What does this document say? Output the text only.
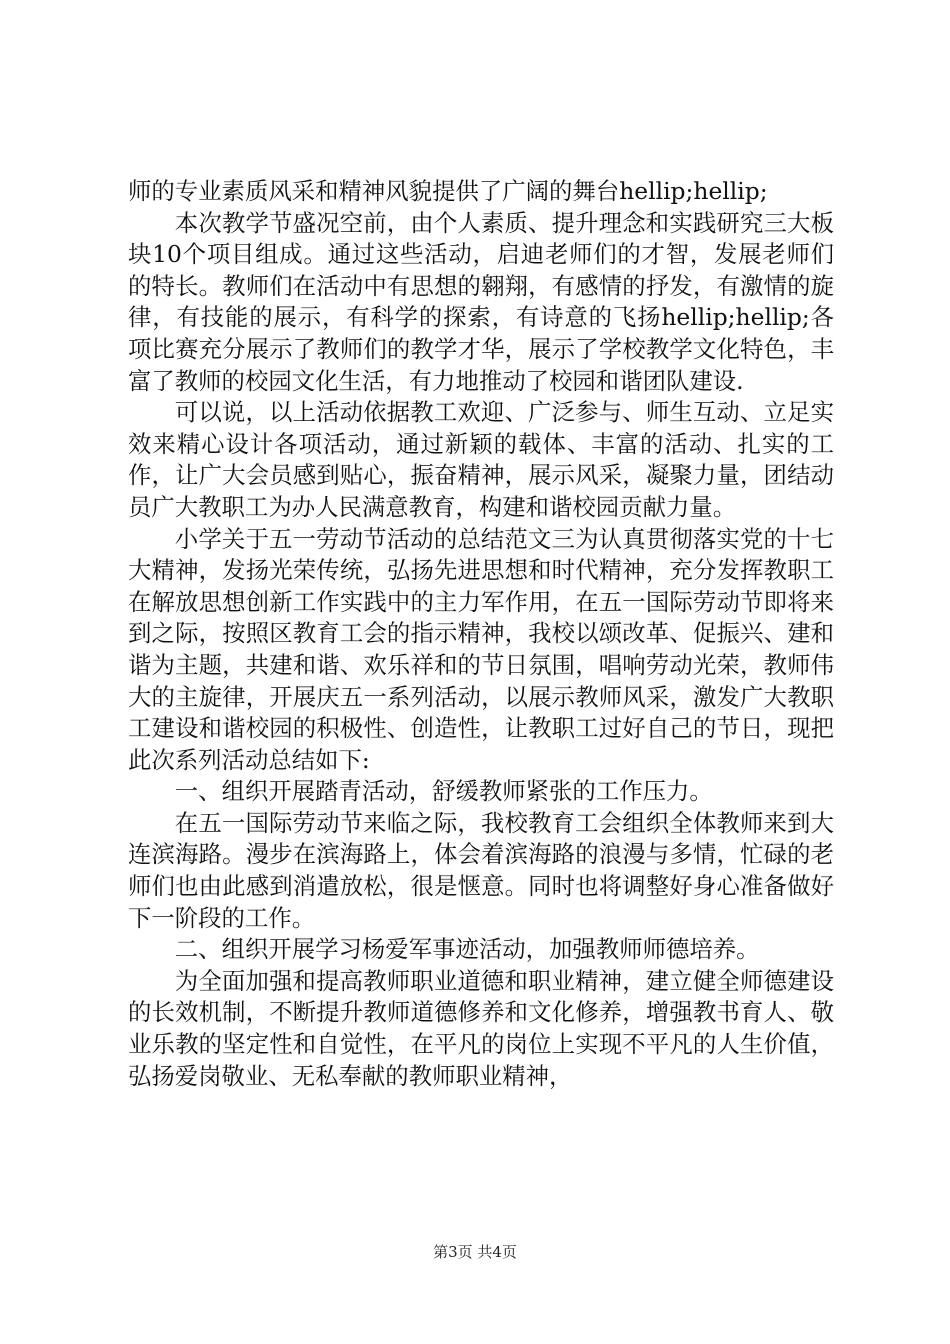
师的专业素质风采和精神风貌提供了广阔的舞台hellip;hellip;

本次教学节盛况空前，由个人素质、提升理念和实践研究三大板块10个项目组成。通过这些活动，启迪老师们的才智，发展老师们的特长。教师们在活动中有思想的翱翔，有感情的抒发，有激情的旋律，有技能的展示，有科学的探索，有诗意的飞扬hellip;hellip;各项比赛充分展示了教师们的教学才华，展示了学校教学文化特色，丰富了教师的校园文化生活，有力地推动了校园和谐团队建设.

可以说，以上活动依据教工欢迎、广泛参与、师生互动、立足实效来精心设计各项活动，通过新颖的载体、丰富的活动、扎实的工作，让广大会员感到贴心，振奋精神，展示风采，凝聚力量，团结动员广大教职工为办人民满意教育，构建和谐校园贡献力量。

小学关于五一劳动节活动的总结范文三为认真贯彻落实党的十七大精神，发扬光荣传统，弘扬先进思想和时代精神，充分发挥教职工在解放思想创新工作实践中的主力军作用，在五一国际劳动节即将来到之际，按照区教育工会的指示精神，我校以颂改革、促振兴、建和谐为主题，共建和谐、欢乐祥和的节日氛围，唱响劳动光荣，教师伟大的主旋律，开展庆五一系列活动，以展示教师风采，激发广大教职工建设和谐校园的积极性、创造性，让教职工过好自己的节日，现把此次系列活动总结如下:

一、组织开展踏青活动，舒缓教师紧张的工作压力。

在五一国际劳动节来临之际，我校教育工会组织全体教师来到大连滨海路。漫步在滨海路上，体会着滨海路的浪漫与多情，忙碌的老师们也由此感到消遣放松，很是惬意。同时也将调整好身心准备做好下一阶段的工作。

二、组织开展学习杨爱军事迹活动，加强教师师德培养。

为全面加强和提高教师职业道德和职业精神，建立健全师德建设的长效机制，不断提升教师道德修养和文化修养，增强教书育人、敬业乐教的坚定性和自觉性，在平凡的岗位上实现不平凡的人生价值，弘扬爱岗敬业、无私奉献的教师职业精神，

第3页 共4页
